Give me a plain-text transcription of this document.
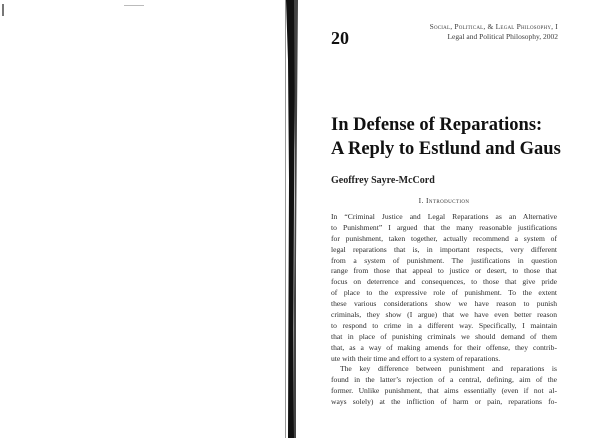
20
Social, Political, & Legal Philosophy, I
Legal and Political Philosophy, 2002
In Defense of Reparations:
A Reply to Estlund and Gaus
Geoffrey Sayre-McCord
I. Introduction
In “Criminal Justice and Legal Reparations as an Alternative
to Punishment” I argued that the many reasonable justifications
for punishment, taken together, actually recommend a system of
legal reparations that is, in important respects, very different
from a system of punishment. The justifications in question
range from those that appeal to justice or desert, to those that
focus on deterrence and consequences, to those that give pride
of place to the expressive role of punishment. To the extent
these various considerations show we have reason to punish
criminals, they show (I argue) that we have even better reason
to respond to crime in a different way. Specifically, I maintain
that in place of punishing criminals we should demand of them
that, as a way of making amends for their offense, they contrib-
ute with their time and effort to a system of reparations.
The key difference between punishment and reparations is
found in the latter’s rejection of a central, defining, aim of the
former. Unlike punishment, that aims essentially (even if not al-
ways solely) at the infliction of harm or pain, reparations fo-
